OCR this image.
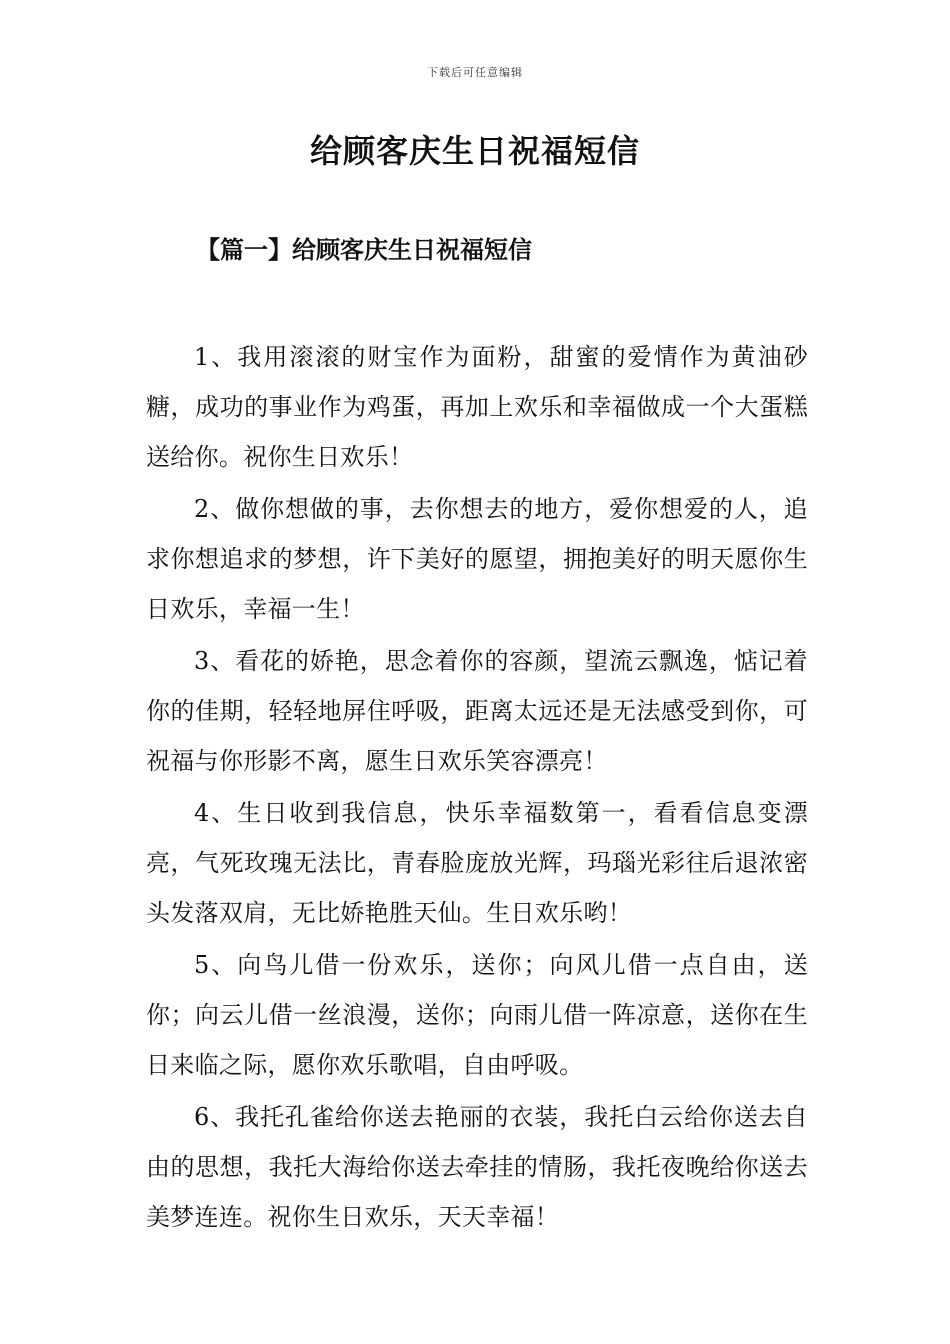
下载后可任意编辑
给顾客庆生日祝福短信
【篇一】给顾客庆生日祝福短信

1、我用滚滚的财宝作为面粉，甜蜜的爱情作为黄油砂糖，成功的事业作为鸡蛋，再加上欢乐和幸福做成一个大蛋糕送给你。祝你生日欢乐！

2、做你想做的事，去你想去的地方，爱你想爱的人，追求你想追求的梦想，许下美好的愿望，拥抱美好的明天愿你生日欢乐，幸福一生！

3、看花的娇艳，思念着你的容颜，望流云飘逸，惦记着你的佳期，轻轻地屏住呼吸，距离太远还是无法感受到你，可祝福与你形影不离，愿生日欢乐笑容漂亮！

4、生日收到我信息，快乐幸福数第一，看看信息变漂亮，气死玫瑰无法比，青春脸庞放光辉，玛瑙光彩往后退浓密头发落双肩，无比娇艳胜天仙。生日欢乐哟！

5、向鸟儿借一份欢乐，送你；向风儿借一点自由，送你；向云儿借一丝浪漫，送你；向雨儿借一阵凉意，送你在生日来临之际，愿你欢乐歌唱，自由呼吸。

6、我托孔雀给你送去艳丽的衣装，我托白云给你送去自由的思想，我托大海给你送去牵挂的情肠，我托夜晚给你送去美梦连连。祝你生日欢乐，天天幸福！
